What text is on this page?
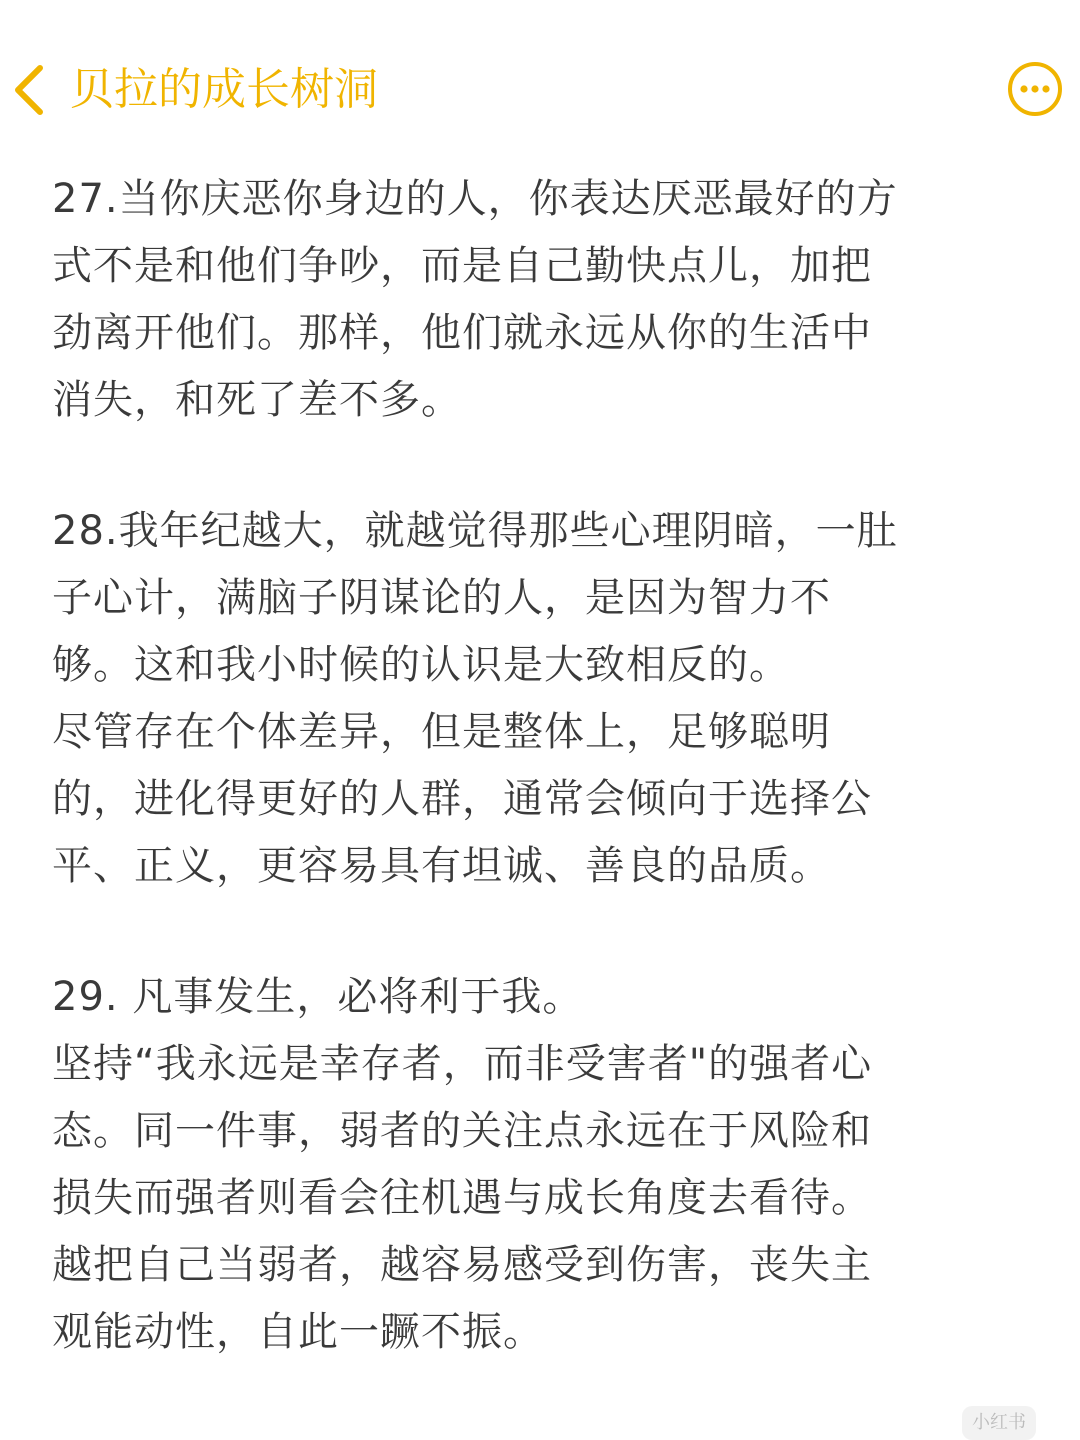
贝拉的成长树洞

27.当你庆恶你身边的人，你表达厌恶最好的方
式不是和他们争吵，而是自己勤快点儿，加把
劲离开他们。那样，他们就永远从你的生活中
消失，和死了差不多。

28.我年纪越大，就越觉得那些心理阴暗，一肚
子心计，满脑子阴谋论的人，是因为智力不
够。这和我小时候的认识是大致相反的。
尽管存在个体差异，但是整体上，足够聪明
的，进化得更好的人群，通常会倾向于选择公
平、正义，更容易具有坦诚、善良的品质。

29. 凡事发生，必将利于我。
坚持“我永远是幸存者，而非受害者"的强者心
态。同一件事，弱者的关注点永远在于风险和
损失而强者则看会往机遇与成长角度去看待。
越把自己当弱者，越容易感受到伤害，丧失主
观能动性，自此一蹶不振。

小红书
